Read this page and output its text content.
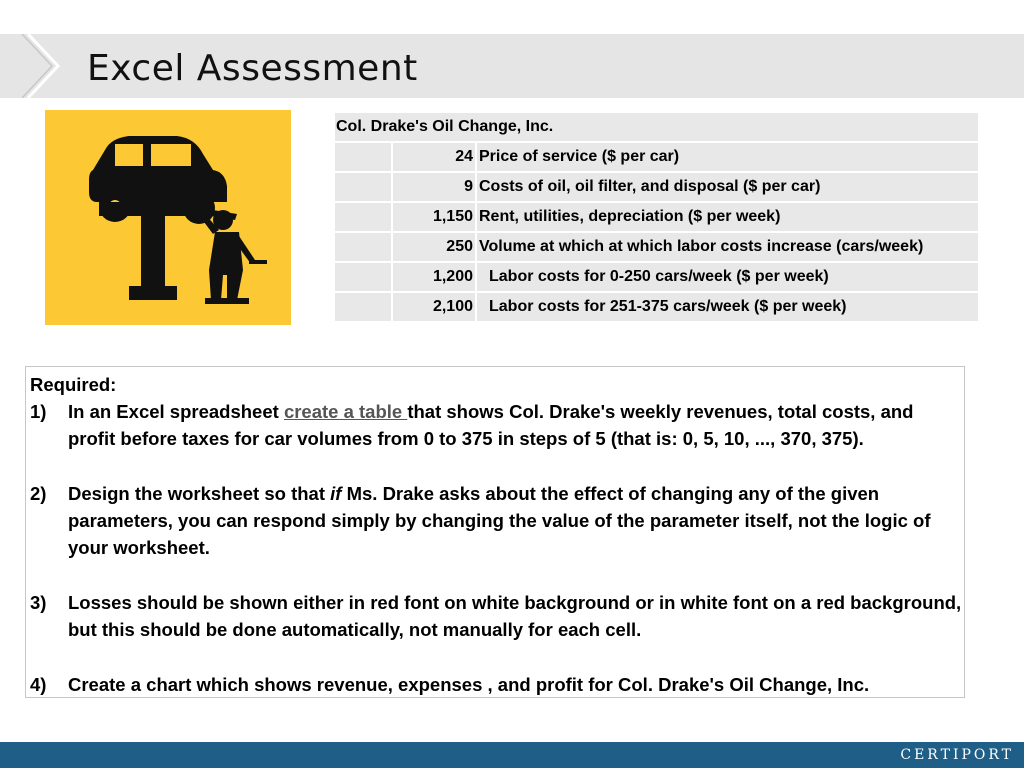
Excel Assessment
Col. Drake's Oil Change, Inc.		
	24	Price of service ($ per car)
	9	Costs of oil, oil filter, and disposal ($ per car)
	1,150	Rent, utilities, depreciation ($ per week)
	250	Volume at which at which labor costs increase (cars/week)
	1,200	Labor costs for 0-250 cars/week ($ per week)
	2,100	Labor costs for 251-375 cars/week ($ per week)
Required:
1) In an Excel spreadsheet create a table that shows Col. Drake's weekly revenues, total costs, and profit before taxes for car volumes from 0 to 375 in steps of 5 (that is: 0, 5, 10, ..., 370, 375).
2) Design the worksheet so that if Ms. Drake asks about the effect of changing any of the given parameters, you can respond simply by changing the value of the parameter itself, not the logic of your worksheet.
3) Losses should be shown either in red font on white background or in white font on a red background, but this should be done automatically, not manually for each cell.
4) Create a chart which shows revenue, expenses , and profit for Col. Drake's Oil Change, Inc.
CERTIPORT
